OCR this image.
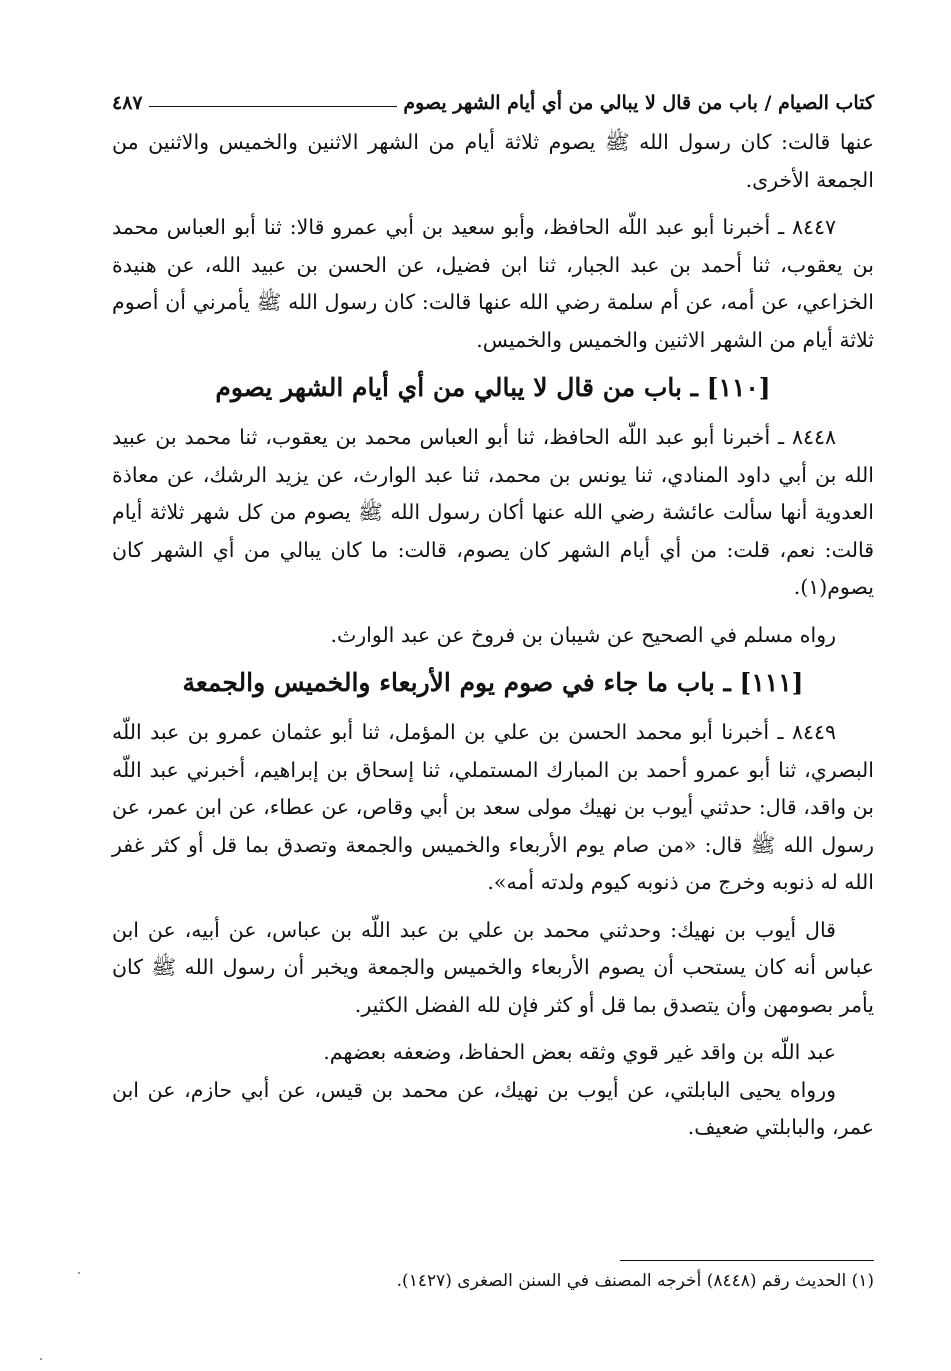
كتاب الصيام / باب من قال لا يبالي من أي أيام الشهر يصوم
٤٨٧

عنها قالت: كان رسول الله ﷺ يصوم ثلاثة أيام من الشهر الاثنين والخميس والاثنين من الجمعة الأخرى.

٨٤٤٧ ـ أخبرنا أبو عبد اللّه الحافظ، وأبو سعيد بن أبي عمرو قالا: ثنا أبو العباس محمد بن يعقوب، ثنا أحمد بن عبد الجبار، ثنا ابن فضيل، عن الحسن بن عبيد الله، عن هنيدة الخزاعي، عن أمه، عن أم سلمة رضي الله عنها قالت: كان رسول الله ﷺ يأمرني أن أصوم ثلاثة أيام من الشهر الاثنين والخميس والخميس.

[١١٠] ـ باب من قال لا يبالي من أي أيام الشهر يصوم

٨٤٤٨ ـ أخبرنا أبو عبد اللّه الحافظ، ثنا أبو العباس محمد بن يعقوب، ثنا محمد بن عبيد الله بن أبي داود المنادي، ثنا يونس بن محمد، ثنا عبد الوارث، عن يزيد الرشك، عن معاذة العدوية أنها سألت عائشة رضي الله عنها أكان رسول الله ﷺ يصوم من كل شهر ثلاثة أيام قالت: نعم، قلت: من أي أيام الشهر كان يصوم، قالت: ما كان يبالي من أي الشهر كان يصوم(١).

رواه مسلم في الصحيح عن شيبان بن فروخ عن عبد الوارث.

[١١١] ـ باب ما جاء في صوم يوم الأربعاء والخميس والجمعة

٨٤٤٩ ـ أخبرنا أبو محمد الحسن بن علي بن المؤمل، ثنا أبو عثمان عمرو بن عبد اللّه البصري، ثنا أبو عمرو أحمد بن المبارك المستملي، ثنا إسحاق بن إبراهيم، أخبرني عبد اللّه بن واقد، قال: حدثني أيوب بن نهيك مولى سعد بن أبي وقاص، عن عطاء، عن ابن عمر، عن رسول الله ﷺ قال: «من صام يوم الأربعاء والخميس والجمعة وتصدق بما قل أو كثر غفر الله له ذنوبه وخرج من ذنوبه كيوم ولدته أمه».

قال أيوب بن نهيك: وحدثني محمد بن علي بن عبد اللّه بن عباس، عن أبيه، عن ابن عباس أنه كان يستحب أن يصوم الأربعاء والخميس والجمعة ويخبر أن رسول الله ﷺ كان يأمر بصومهن وأن يتصدق بما قل أو كثر فإن لله الفضل الكثير.

عبد اللّه بن واقد غير قوي وثقه بعض الحفاظ، وضعفه بعضهم.

ورواه يحيى البابلتي، عن أيوب بن نهيك، عن محمد بن قيس، عن أبي حازم، عن ابن عمر، والبابلتي ضعيف.

(١) الحديث رقم (٨٤٤٨) أخرجه المصنف في السنن الصغرى (١٤٢٧).
